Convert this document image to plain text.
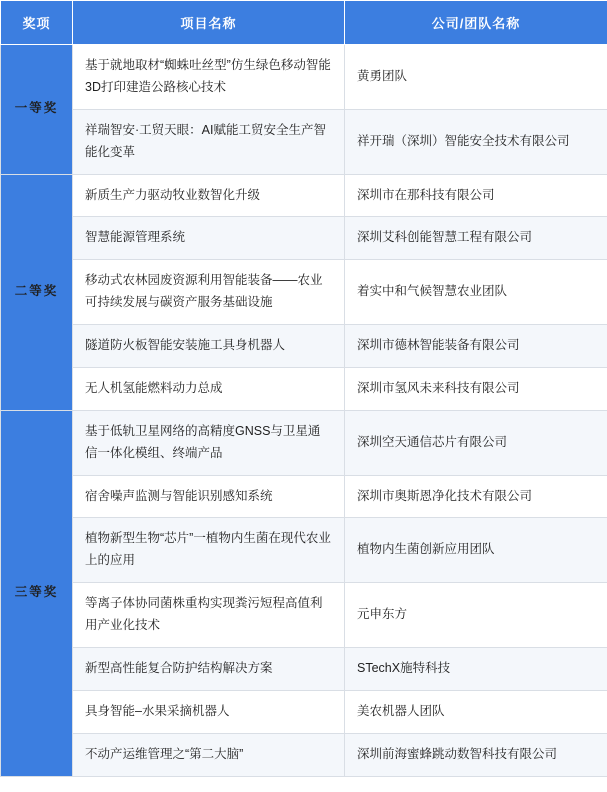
奖项	项目名称	公司/团队名称
一等奖	基于就地取材“蜘蛛吐丝型”仿生绿色移动智能3D打印建造公路核心技术	黄勇团队
	祥瑞智安·工贸天眼：AI赋能工贸安全生产智能化变革	祥开瑞（深圳）智能安全技术有限公司
二等奖	新质生产力驱动牧业数智化升级	深圳市在那科技有限公司
	智慧能源管理系统	深圳艾科创能智慧工程有限公司
	移动式农林园废资源利用智能装备——农业可持续发展与碳资产服务基础设施	着实中和气候智慧农业团队
	隧道防火板智能安装施工具身机器人	深圳市德林智能装备有限公司
	无人机氢能燃料动力总成	深圳市氢风未来科技有限公司
三等奖	基于低轨卫星网络的高精度GNSS与卫星通信一体化模组、终端产品	深圳空天通信芯片有限公司
	宿舍噪声监测与智能识别感知系统	深圳市奥斯恩净化技术有限公司
	植物新型生物“芯片”一植物内生菌在现代农业上的应用	植物内生菌创新应用团队
	等离子体协同菌株重构实现粪污短程高值利用产业化技术	元申东方
	新型高性能复合防护结构解决方案	STechX施特科技
	具身智能–水果采摘机器人	美农机器人团队
	不动产运维管理之“第二大脑”	深圳前海蜜蜂跳动数智科技有限公司
